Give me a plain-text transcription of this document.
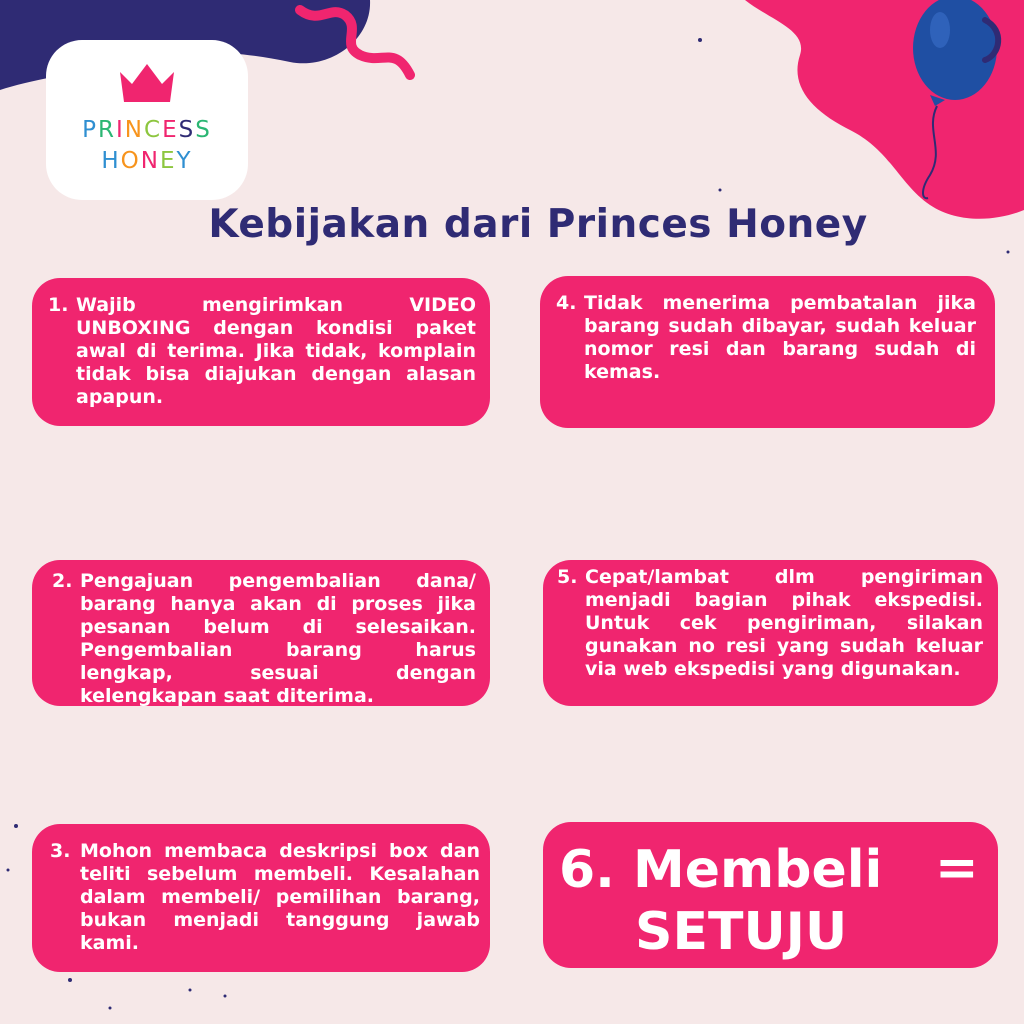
PRINCESS
HONEY
Kebijakan dari Princes Honey
1. Wajib mengirimkan VIDEO UNBOXING dengan kondisi paket awal di terima. Jika tidak, komplain tidak bisa diajukan dengan alasan apapun.
2. Pengajuan pengembalian dana/ barang hanya akan di proses jika pesanan belum di selesaikan. Pengembalian barang harus lengkap, sesuai dengan kelengkapan saat diterima.
3. Mohon membaca deskripsi box dan teliti sebelum membeli. Kesalahan dalam membeli/ pemilihan barang, bukan menjadi tanggung jawab kami.
4. Tidak menerima pembatalan jika barang sudah dibayar, sudah keluar nomor resi dan barang sudah di kemas.
5. Cepat/lambat dlm pengiriman menjadi bagian pihak ekspedisi. Untuk cek pengiriman, silakan gunakan no resi yang sudah keluar via web ekspedisi yang digunakan.
6. Membeli =
SETUJU
